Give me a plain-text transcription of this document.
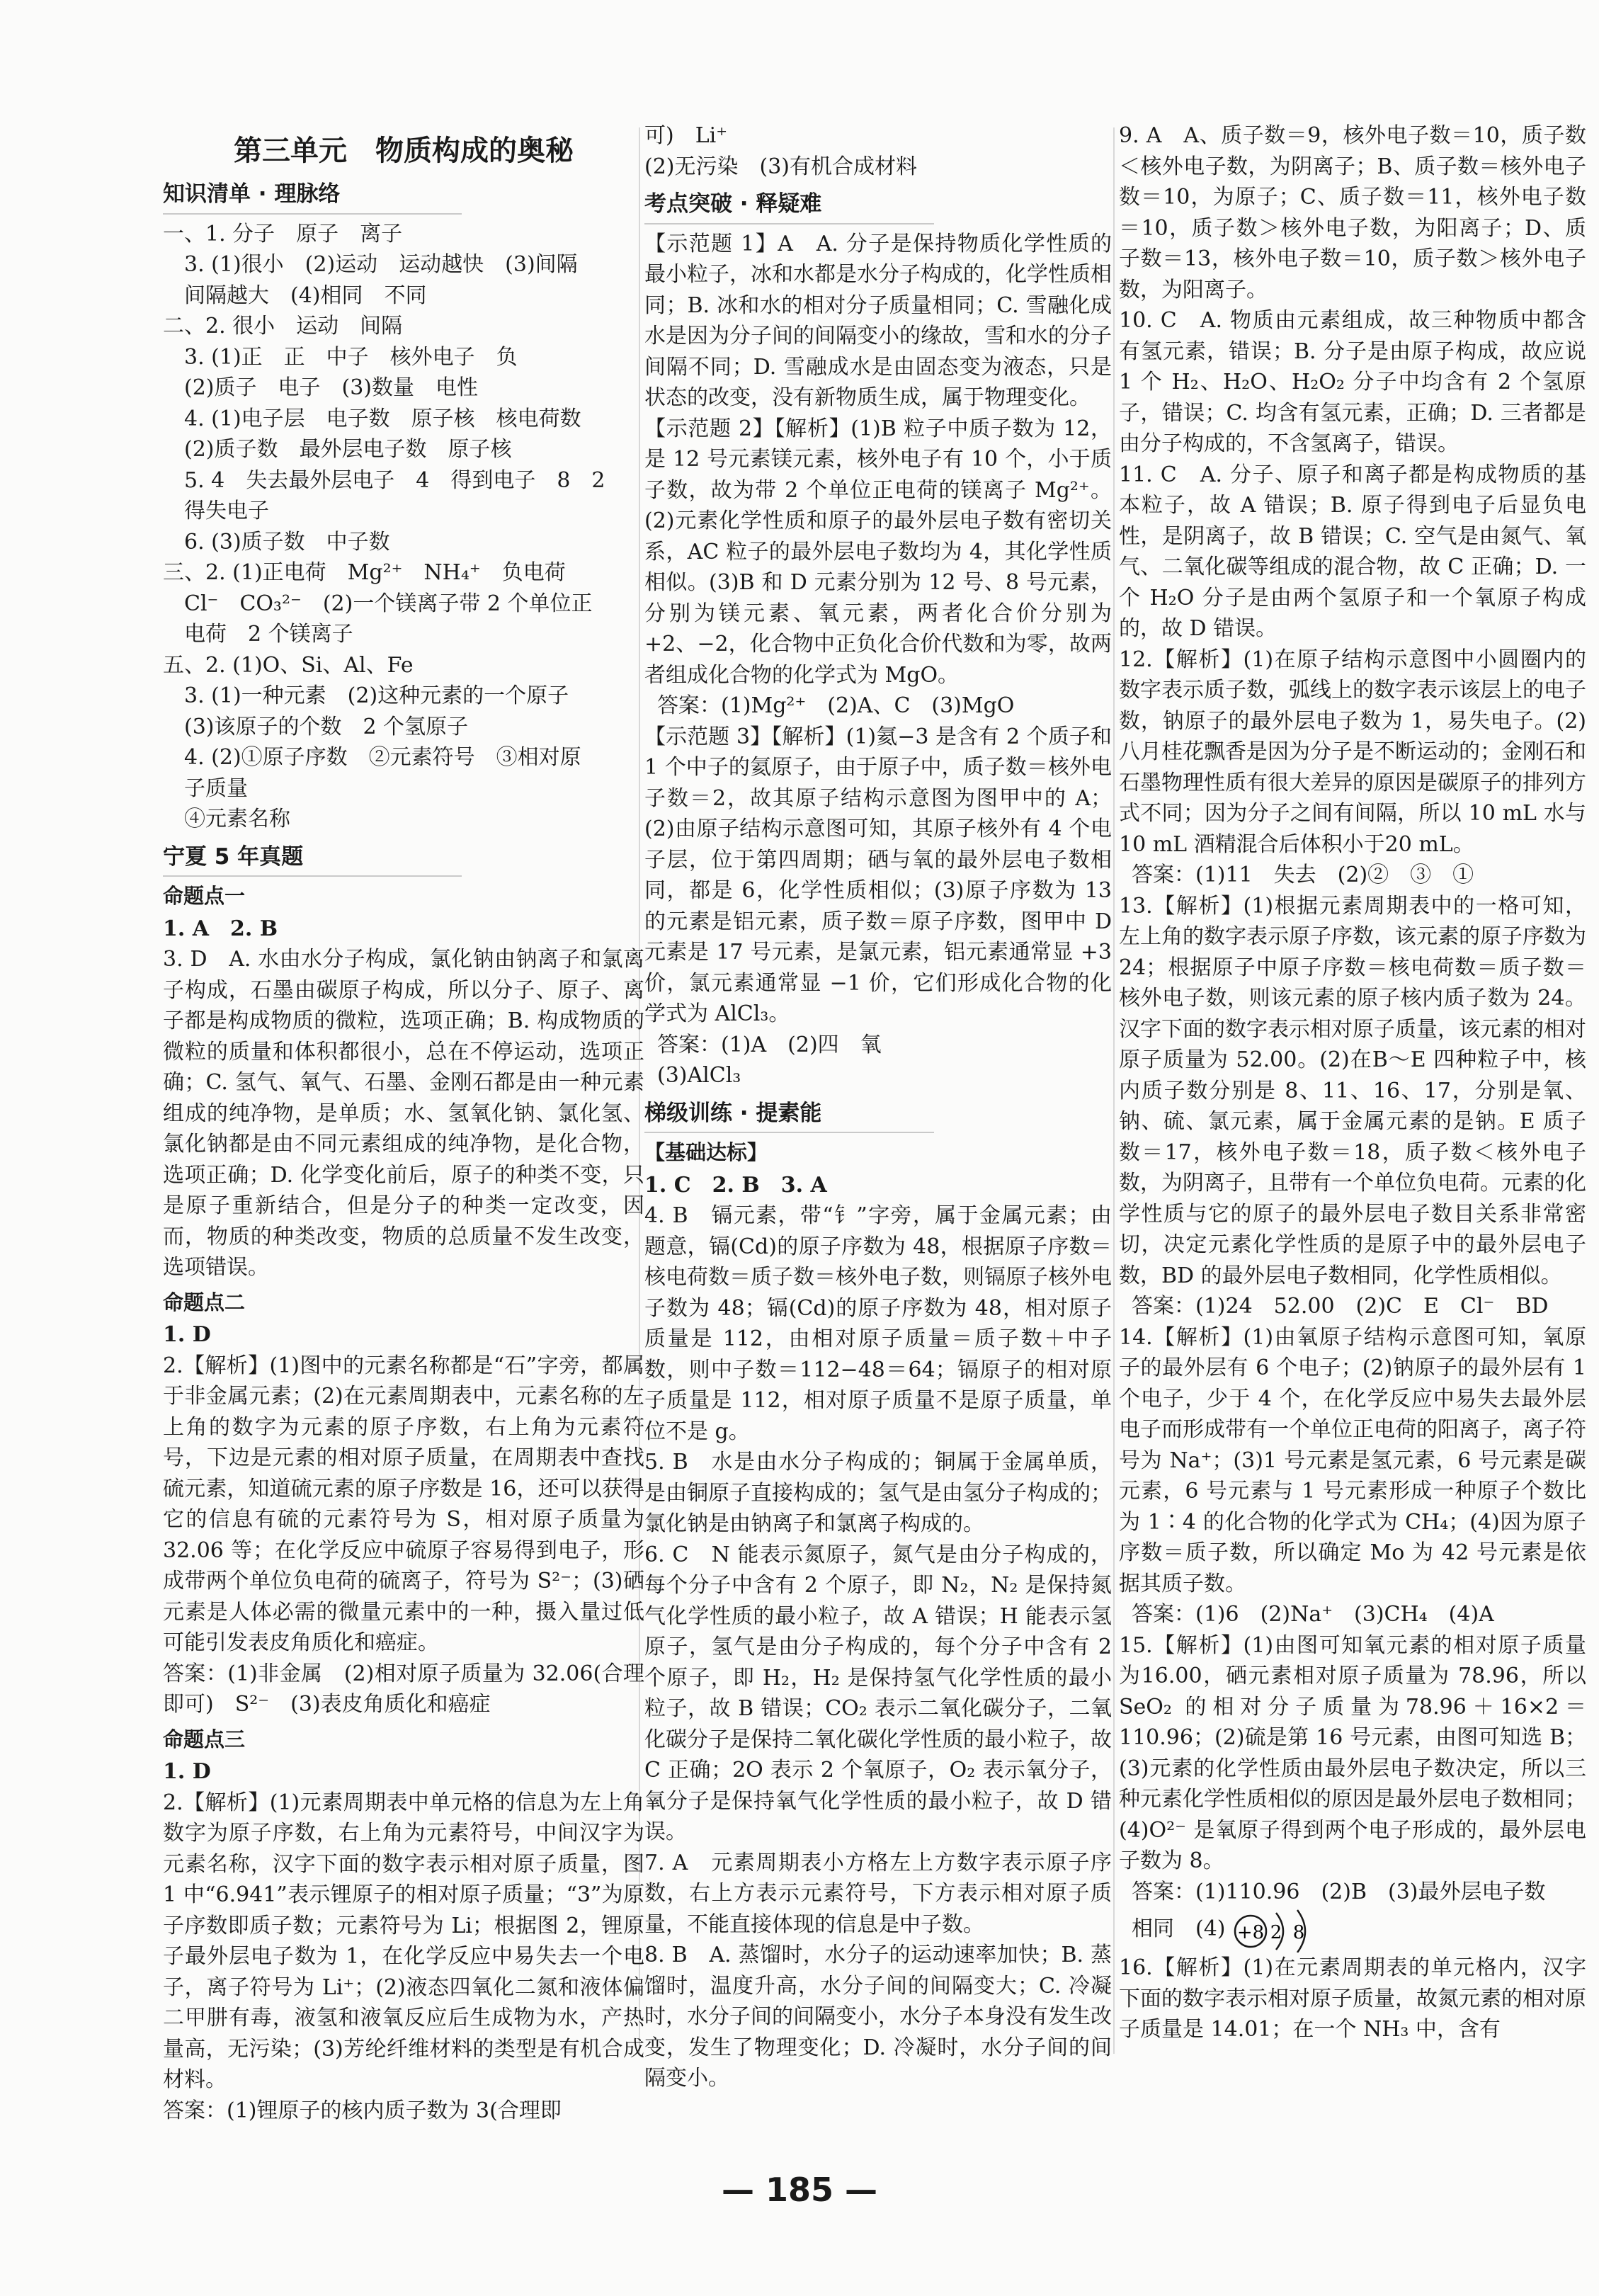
第三单元　物质构成的奥秘
知识清单 · 理脉络
一、1. 分子　原子　离子
　3. (1)很小　(2)运动　运动越快　(3)间隔
　间隔越大　(4)相同　不同
二、2. 很小　运动　间隔
　3. (1)正　正　中子　核外电子　负
　(2)质子　电子　(3)数量　电性
　4. (1)电子层　电子数　原子核　核电荷数
　(2)质子数　最外层电子数　原子核
　5. 4　失去最外层电子　4　得到电子　8　2
　得失电子
　6. (3)质子数　中子数
三、2. (1)正电荷　Mg²⁺　NH₄⁺　负电荷
　Cl⁻　CO₃²⁻　(2)一个镁离子带 2 个单位正
　电荷　2 个镁离子
五、2. (1)O、Si、Al、Fe
　3. (1)一种元素　(2)这种元素的一个原子
　(3)该原子的个数　2 个氢原子
　4. (2)①原子序数　②元素符号　③相对原
　子质量
　④元素名称
宁夏 5 年真题
命题点一
1. A　2. B
3. D　A. 水由水分子构成，氯化钠由钠离子和氯离子构成，石墨由碳原子构成，所以分子、原子、离子都是构成物质的微粒，选项正确；B. 构成物质的微粒的质量和体积都很小，总在不停运动，选项正确；C. 氢气、氧气、石墨、金刚石都是由一种元素组成的纯净物，是单质；水、氢氧化钠、氯化氢、氯化钠都是由不同元素组成的纯净物，是化合物，选项正确；D. 化学变化前后，原子的种类不变，只是原子重新结合，但是分子的种类一定改变，因而，物质的种类改变，物质的总质量不发生改变，选项错误。
命题点二
1. D
2.【解析】(1)图中的元素名称都是“石”字旁，都属于非金属元素；(2)在元素周期表中，元素名称的左上角的数字为元素的原子序数，右上角为元素符号，下边是元素的相对原子质量，在周期表中查找硫元素，知道硫元素的原子序数是 16，还可以获得它的信息有硫的元素符号为 S，相对原子质量为 32.06 等；在化学反应中硫原子容易得到电子，形成带两个单位负电荷的硫离子，符号为 S²⁻；(3)硒元素是人体必需的微量元素中的一种，摄入量过低可能引发表皮角质化和癌症。
答案：(1)非金属　(2)相对原子质量为 32.06(合理即可)　S²⁻　(3)表皮角质化和癌症
命题点三
1. D
2.【解析】(1)元素周期表中单元格的信息为左上角数字为原子序数，右上角为元素符号，中间汉字为元素名称，汉字下面的数字表示相对原子质量，图 1 中“6.941”表示锂原子的相对原子质量；“3”为原子序数即质子数；元素符号为 Li；根据图 2，锂原子最外层电子数为 1，在化学反应中易失去一个电子，离子符号为 Li⁺；(2)液态四氧化二氮和液体偏二甲肼有毒，液氢和液氧反应后生成物为水，产热量高，无污染；(3)芳纶纤维材料的类型是有机合成材料。
答案：(1)锂原子的核内质子数为 3(合理即
可)　Li⁺
(2)无污染　(3)有机合成材料
考点突破 · 释疑难
【示范题 1】A　A. 分子是保持物质化学性质的最小粒子，冰和水都是水分子构成的，化学性质相同；B. 冰和水的相对分子质量相同；C. 雪融化成水是因为分子间的间隔变小的缘故，雪和水的分子间隔不同；D. 雪融成水是由固态变为液态，只是状态的改变，没有新物质生成，属于物理变化。
【示范题 2】【解析】(1)B 粒子中质子数为 12，是 12 号元素镁元素，核外电子有 10 个，小于质子数，故为带 2 个单位正电荷的镁离子 Mg²⁺。(2)元素化学性质和原子的最外层电子数有密切关系，AC 粒子的最外层电子数均为 4，其化学性质相似。(3)B 和 D 元素分别为 12 号、8 号元素，分别为镁元素、氧元素，两者化合价分别为 +2、−2，化合物中正负化合价代数和为零，故两者组成化合物的化学式为 MgO。
答案：(1)Mg²⁺　(2)A、C　(3)MgO
【示范题 3】【解析】(1)氦−3 是含有 2 个质子和 1 个中子的氦原子，由于原子中，质子数＝核外电子数＝2，故其原子结构示意图为图甲中的 A；(2)由原子结构示意图可知，其原子核外有 4 个电子层，位于第四周期；硒与氧的最外层电子数相同，都是 6，化学性质相似；(3)原子序数为 13 的元素是铝元素，质子数＝原子序数，图甲中 D 元素是 17 号元素，是氯元素，铝元素通常显 +3 价，氯元素通常显 −1 价，它们形成化合物的化学式为 AlCl₃。
答案：(1)A　(2)四　氧
(3)AlCl₃
梯级训练 · 提素能
【基础达标】
1. C　2. B　3. A
4. B　镉元素，带“钅”字旁，属于金属元素；由题意，镉(Cd)的原子序数为 48，根据原子序数＝核电荷数＝质子数＝核外电子数，则镉原子核外电子数为 48；镉(Cd)的原子序数为 48，相对原子质量是 112，由相对原子质量＝质子数＋中子数，则中子数＝112−48＝64；镉原子的相对原子质量是 112，相对原子质量不是原子质量，单位不是 g。
5. B　水是由水分子构成的；铜属于金属单质，是由铜原子直接构成的；氢气是由氢分子构成的；氯化钠是由钠离子和氯离子构成的。
6. C　N 能表示氮原子，氮气是由分子构成的，每个分子中含有 2 个原子，即 N₂，N₂ 是保持氮气化学性质的最小粒子，故 A 错误；H 能表示氢原子，氢气是由分子构成的，每个分子中含有 2 个原子，即 H₂，H₂ 是保持氢气化学性质的最小粒子，故 B 错误；CO₂ 表示二氧化碳分子，二氧化碳分子是保持二氧化碳化学性质的最小粒子，故 C 正确；2O 表示 2 个氧原子，O₂ 表示氧分子，氧分子是保持氧气化学性质的最小粒子，故 D 错误。
7. A　元素周期表小方格左上方数字表示原子序数，右上方表示元素符号，下方表示相对原子质量，不能直接体现的信息是中子数。
8. B　A. 蒸馏时，水分子的运动速率加快；B. 蒸馏时，温度升高，水分子间的间隔变大；C. 冷凝时，水分子间的间隔变小，水分子本身没有发生改变，发生了物理变化；D. 冷凝时，水分子间的间隔变小。
9. A　A、质子数＝9，核外电子数＝10，质子数＜核外电子数，为阴离子；B、质子数＝核外电子数＝10，为原子；C、质子数＝11，核外电子数＝10，质子数＞核外电子数，为阳离子；D、质子数＝13，核外电子数＝10，质子数＞核外电子数，为阳离子。
10. C　A. 物质由元素组成，故三种物质中都含有氢元素，错误；B. 分子是由原子构成，故应说 1 个 H₂、H₂O、H₂O₂ 分子中均含有 2 个氢原子，错误；C. 均含有氢元素，正确；D. 三者都是由分子构成的，不含氢离子，错误。
11. C　A. 分子、原子和离子都是构成物质的基本粒子，故 A 错误；B. 原子得到电子后显负电性，是阴离子，故 B 错误；C. 空气是由氮气、氧气、二氧化碳等组成的混合物，故 C 正确；D. 一个 H₂O 分子是由两个氢原子和一个氧原子构成的，故 D 错误。
12.【解析】(1)在原子结构示意图中小圆圈内的数字表示质子数，弧线上的数字表示该层上的电子数，钠原子的最外层电子数为 1，易失电子。(2)八月桂花飘香是因为分子是不断运动的；金刚石和石墨物理性质有很大差异的原因是碳原子的排列方式不同；因为分子之间有间隔，所以 10 mL 水与 10 mL 酒精混合后体积小于20 mL。
答案：(1)11　失去　(2)②　③　①
13.【解析】(1)根据元素周期表中的一格可知，左上角的数字表示原子序数，该元素的原子序数为 24；根据原子中原子序数＝核电荷数＝质子数＝核外电子数，则该元素的原子核内质子数为 24。汉字下面的数字表示相对原子质量，该元素的相对原子质量为 52.00。(2)在B～E 四种粒子中，核内质子数分别是 8、11、16、17，分别是氧、钠、硫、氯元素，属于金属元素的是钠。E 质子数＝17，核外电子数＝18，质子数＜核外电子数，为阴离子，且带有一个单位负电荷。元素的化学性质与它的原子的最外层电子数目关系非常密切，决定元素化学性质的是原子中的最外层电子数，BD 的最外层电子数相同，化学性质相似。
答案：(1)24　52.00　(2)C　E　Cl⁻　BD
14.【解析】(1)由氧原子结构示意图可知，氧原子的最外层有 6 个电子；(2)钠原子的最外层有 1 个电子，少于 4 个，在化学反应中易失去最外层电子而形成带有一个单位正电荷的阳离子，离子符号为 Na⁺；(3)1 号元素是氢元素，6 号元素是碳元素，6 号元素与 1 号元素形成一种原子个数比为 1∶4 的化合物的化学式为 CH₄；(4)因为原子序数＝质子数，所以确定 Mo 为 42 号元素是依据其质子数。
答案：(1)6　(2)Na⁺　(3)CH₄　(4)A
15.【解析】(1)由图可知氧元素的相对原子质量为16.00，硒元素相对原子质量为 78.96，所以 SeO₂ 的相对分子质量为78.96＋16×2＝110.96；(2)硫是第 16 号元素，由图可知选 B；(3)元素的化学性质由最外层电子数决定，所以三种元素化学性质相似的原因是最外层电子数相同；(4)O²⁻ 是氧原子得到两个电子形成的，最外层电子数为 8。
答案：(1)110.96　(2)B　(3)最外层电子数
相同　(4) +8 2 8
16.【解析】(1)在元素周期表的单元格内，汉字下面的数字表示相对原子质量，故氮元素的相对原子质量是 14.01；在一个 NH₃ 中，含有
— 185 —
